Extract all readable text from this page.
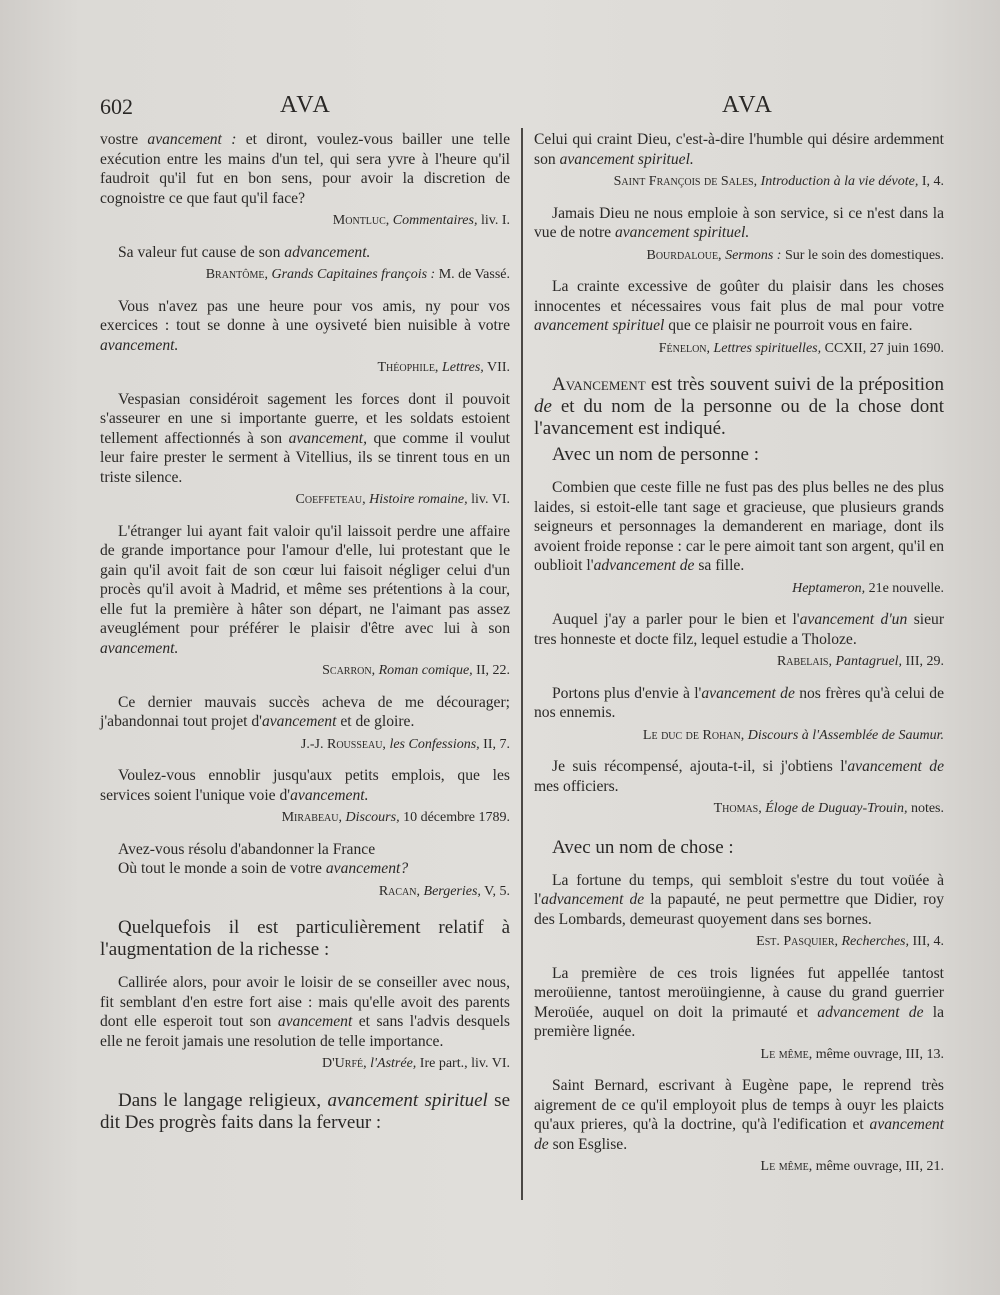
602	AVA	AVA

vostre avancement : et diront, voulez-vous bailler une telle exécution entre les mains d'un tel, qui sera yvre à l'heure qu'il faudroit qu'il fut en bon sens, pour avoir la discretion de cognoistre ce que faut qu'il face?

Montluc, Commentaires, liv. I.

Sa valeur fut cause de son advancement.

Brantôme, Grands Capitaines françois : M. de Vassé.

Vous n'avez pas une heure pour vos amis, ny pour vos exercices : tout se donne à une oysiveté bien nuisible à votre avancement.

Théophile, Lettres, VII.

Vespasian considéroit sagement les forces dont il pouvoit s'asseurer en une si importante guerre, et les soldats estoient tellement affectionnés à son avancement, que comme il voulut leur faire prester le serment à Vitellius, ils se tinrent tous en un triste silence.

Coeffeteau, Histoire romaine, liv. VI.

L'étranger lui ayant fait valoir qu'il laissoit perdre une affaire de grande importance pour l'amour d'elle, lui protestant que le gain qu'il avoit fait de son cœur lui faisoit négliger celui d'un procès qu'il avoit à Madrid, et même ses prétentions à la cour, elle fut la première à hâter son départ, ne l'aimant pas assez aveuglément pour préférer le plaisir d'être avec lui à son avancement.

Scarron, Roman comique, II, 22.

Ce dernier mauvais succès acheva de me décourager; j'abandonnai tout projet d'avancement et de gloire.

J.-J. Rousseau, les Confessions, II, 7.

Voulez-vous ennoblir jusqu'aux petits emplois, que les services soient l'unique voie d'avancement.

Mirabeau, Discours, 10 décembre 1789.

Avez-vous résolu d'abandonner la France
Où tout le monde a soin de votre avancement?

Racan, Bergeries, V, 5.

Quelquefois il est particulièrement relatif à l'augmentation de la richesse :

Callirée alors, pour avoir le loisir de se conseiller avec nous, fit semblant d'en estre fort aise : mais qu'elle avoit des parents dont elle esperoit tout son avancement et sans l'advis desquels elle ne feroit jamais une resolution de telle importance.

D'Urfé, l'Astrée, Ire part., liv. VI.

Dans le langage religieux, avancement spirituel se dit Des progrès faits dans la ferveur :

Celui qui craint Dieu, c'est-à-dire l'humble qui désire ardemment son avancement spirituel.

Saint François de Sales, Introduction à la vie dévote, I, 4.

Jamais Dieu ne nous emploie à son service, si ce n'est dans la vue de notre avancement spirituel.

Bourdaloue, Sermons : Sur le soin des domestiques.

La crainte excessive de goûter du plaisir dans les choses innocentes et nécessaires vous fait plus de mal pour votre avancement spirituel que ce plaisir ne pourroit vous en faire.

Fénelon, Lettres spirituelles, CCXII, 27 juin 1690.

Avancement est très souvent suivi de la préposition de et du nom de la personne ou de la chose dont l'avancement est indiqué.

Avec un nom de personne :

Combien que ceste fille ne fust pas des plus belles ne des plus laides, si estoit-elle tant sage et gracieuse, que plusieurs grands seigneurs et personnages la demanderent en mariage, dont ils avoient froide reponse : car le pere aimoit tant son argent, qu'il en oublioit l'advancement de sa fille.

Heptameron, 21e nouvelle.

Auquel j'ay a parler pour le bien et l'avancement d'un sieur tres honneste et docte filz, lequel estudie a Tholoze.

Rabelais, Pantagruel, III, 29.

Portons plus d'envie à l'avancement de nos frères qu'à celui de nos ennemis.

Le duc de Rohan, Discours à l'Assemblée de Saumur.

Je suis récompensé, ajouta-t-il, si j'obtiens l'avancement de mes officiers.

Thomas, Éloge de Duguay-Trouin, notes.

Avec un nom de chose :

La fortune du temps, qui sembloit s'estre du tout voüée à l'advancement de la papauté, ne peut permettre que Didier, roy des Lombards, demeurast quoyement dans ses bornes.

Est. Pasquier, Recherches, III, 4.

La première de ces trois lignées fut appellée tantost meroüienne, tantost meroüingienne, à cause du grand guerrier Meroüée, auquel on doit la primauté et advancement de la première lignée.

Le même, même ouvrage, III, 13.

Saint Bernard, escrivant à Eugène pape, le reprend très aigrement de ce qu'il employoit plus de temps à ouyr les plaicts qu'aux prieres, qu'à la doctrine, qu'à l'edification et avancement de son Esglise.

Le même, même ouvrage, III, 21.
